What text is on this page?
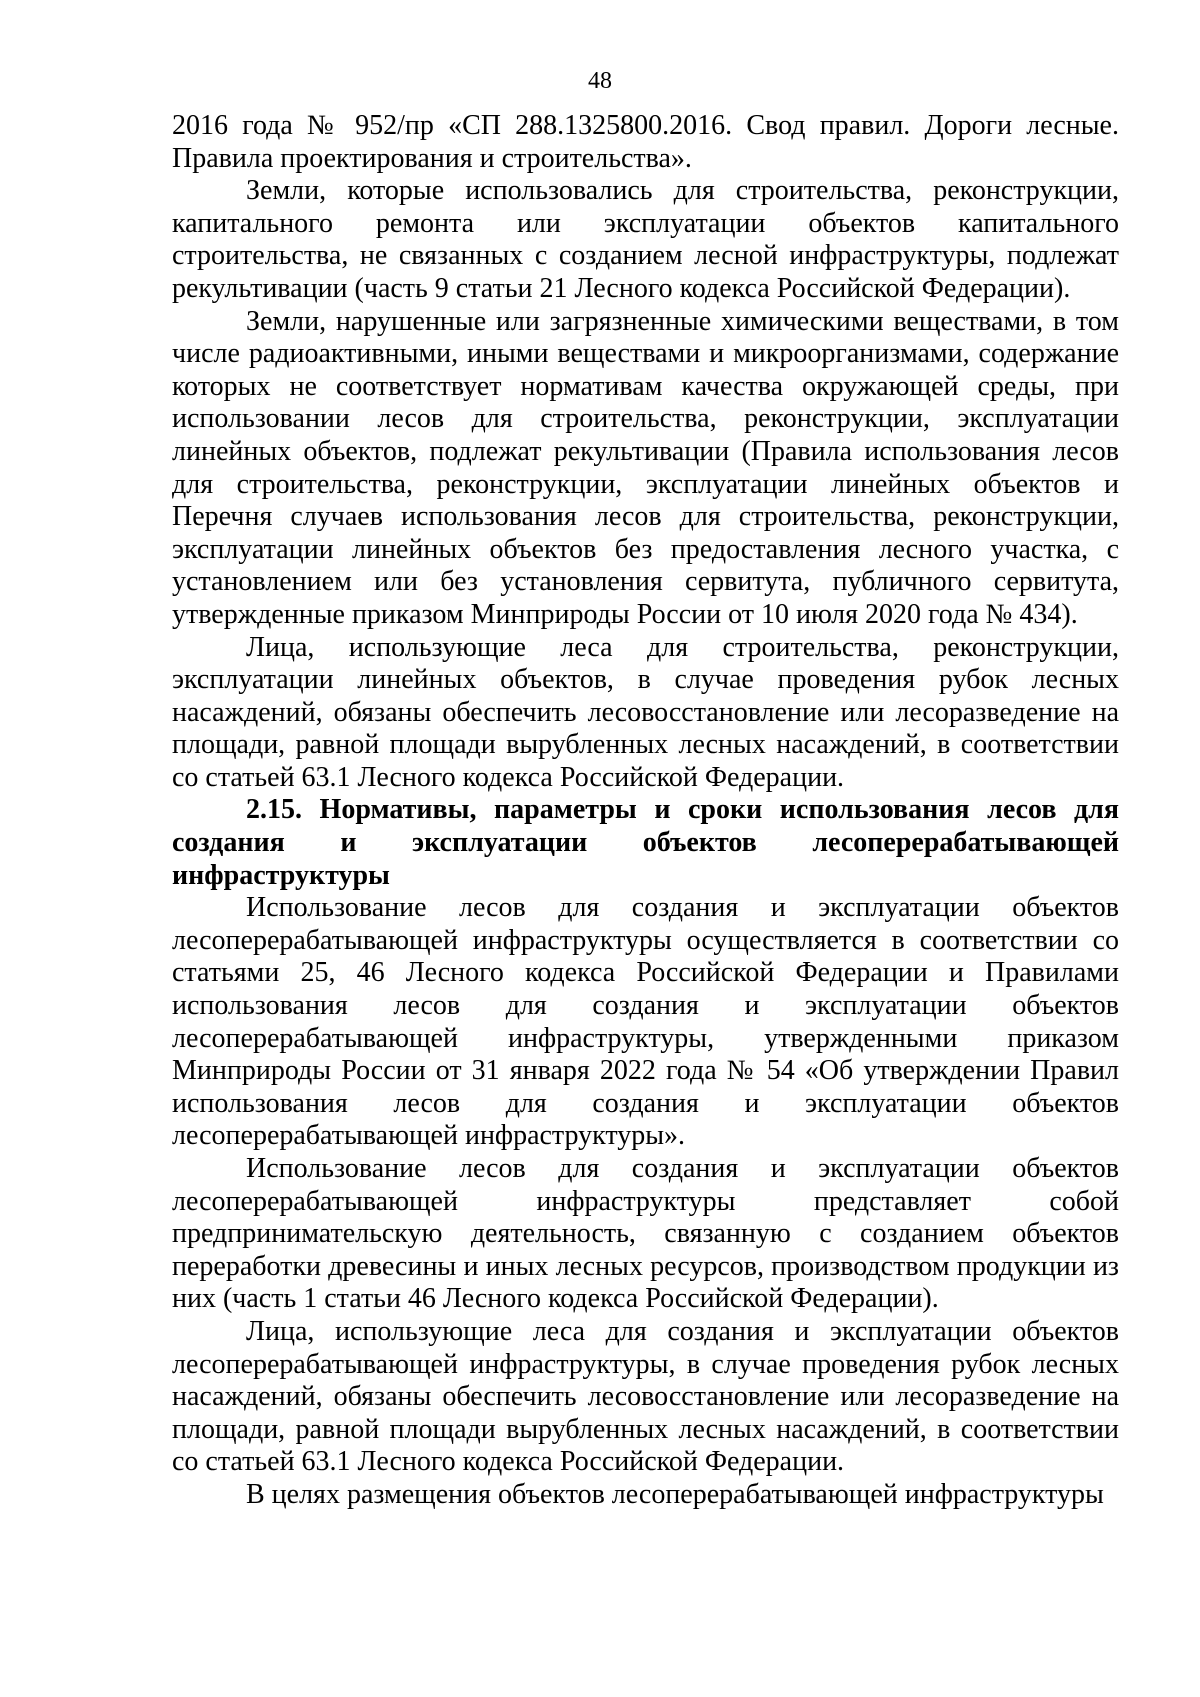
48

2016 года № 952/пр «СП 288.1325800.2016. Свод правил. Дороги лесные. Правила проектирования и строительства».

Земли, которые использовались для строительства, реконструкции, капитального ремонта или эксплуатации объектов капитального строительства, не связанных с созданием лесной инфраструктуры, подлежат рекультивации (часть 9 статьи 21 Лесного кодекса Российской Федерации).

Земли, нарушенные или загрязненные химическими веществами, в том числе радиоактивными, иными веществами и микроорганизмами, содержание которых не соответствует нормативам качества окружающей среды, при использовании лесов для строительства, реконструкции, эксплуатации линейных объектов, подлежат рекультивации (Правила использования лесов для строительства, реконструкции, эксплуатации линейных объектов и Перечня случаев использования лесов для строительства, реконструкции, эксплуатации линейных объектов без предоставления лесного участка, с установлением или без установления сервитута, публичного сервитута, утвержденные приказом Минприроды России от 10 июля 2020 года № 434).

Лица, использующие леса для строительства, реконструкции, эксплуатации линейных объектов, в случае проведения рубок лесных насаждений, обязаны обеспечить лесовосстановление или лесоразведение на площади, равной площади вырубленных лесных насаждений, в соответствии со статьей 63.1 Лесного кодекса Российской Федерации.

2.15. Нормативы, параметры и сроки использования лесов для создания и эксплуатации объектов лесоперерабатывающей инфраструктуры

Использование лесов для создания и эксплуатации объектов лесоперерабатывающей инфраструктуры осуществляется в соответствии со статьями 25, 46 Лесного кодекса Российской Федерации и Правилами использования лесов для создания и эксплуатации объектов лесоперерабатывающей инфраструктуры, утвержденными приказом Минприроды России от 31 января 2022 года № 54 «Об утверждении Правил использования лесов для создания и эксплуатации объектов лесоперерабатывающей инфраструктуры».

Использование лесов для создания и эксплуатации объектов лесоперерабатывающей инфраструктуры представляет собой предпринимательскую деятельность, связанную с созданием объектов переработки древесины и иных лесных ресурсов, производством продукции из них (часть 1 статьи 46 Лесного кодекса Российской Федерации).

Лица, использующие леса для создания и эксплуатации объектов лесоперерабатывающей инфраструктуры, в случае проведения рубок лесных насаждений, обязаны обеспечить лесовосстановление или лесоразведение на площади, равной площади вырубленных лесных насаждений, в соответствии со статьей 63.1 Лесного кодекса Российской Федерации.

В целях размещения объектов лесоперерабатывающей инфраструктуры
